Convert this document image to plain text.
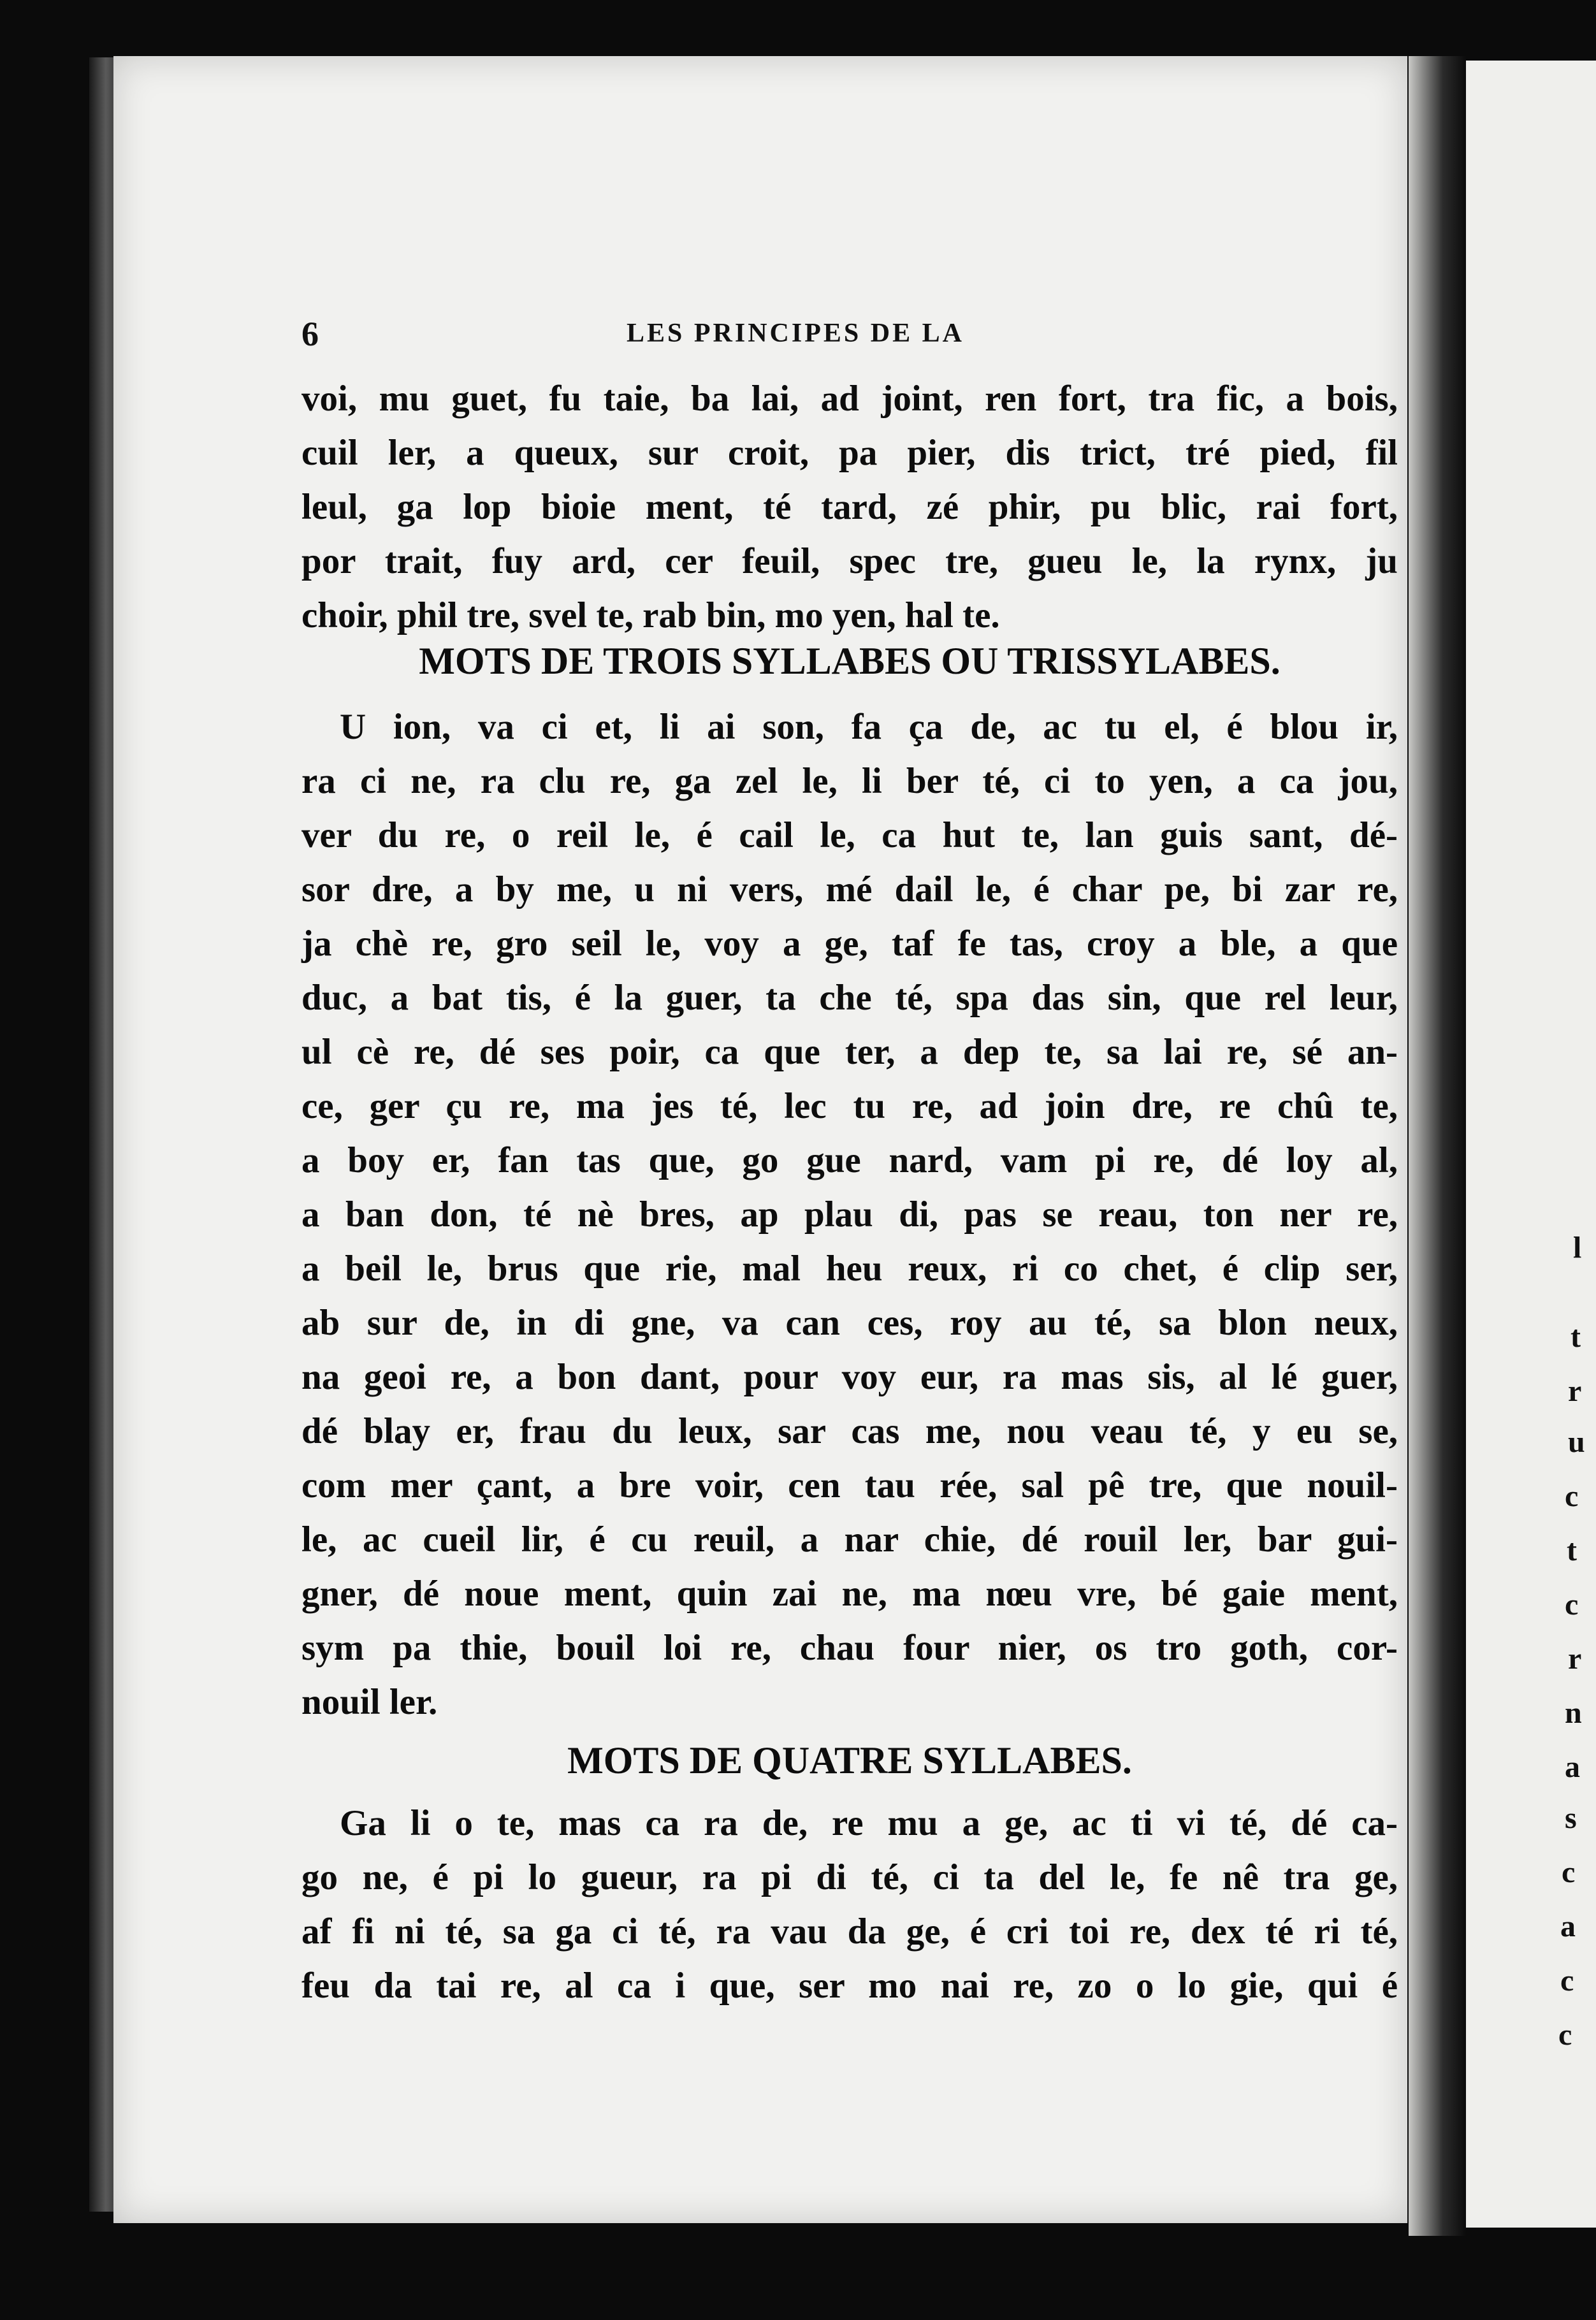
6	LES PRINCIPES DE LA
voi, mu guet, fu taie, ba lai, ad joint, ren fort, tra fic, a bois,
cuil ler, a queux, sur croit, pa pier, dis trict, tré pied, fil
leul, ga lop bioie ment, té tard, zé phir, pu blic, rai fort,
por trait, fuy ard, cer feuil, spec tre, gueu le, la rynx, ju
choir, phil tre, svel te, rab bin, mo yen, hal te.
MOTS DE TROIS SYLLABES OU TRISSYLABES.
U ion, va ci et, li ai son, fa ça de, ac tu el, é blou ir,
ra ci ne, ra clu re, ga zel le, li ber té, ci to yen, a ca jou,
ver du re, o reil le, é cail le, ca hut te, lan guis sant, dé-
sor dre, a by me, u ni vers, mé dail le, é char pe, bi zar re,
ja chè re, gro seil le, voy a ge, taf fe tas, croy a ble, a que
duc, a bat tis, é la guer, ta che té, spa das sin, que rel leur,
ul cè re, dé ses poir, ca que ter, a dep te, sa lai re, sé an-
ce, ger çu re, ma jes té, lec tu re, ad join dre, re chû te,
a boy er, fan tas que, go gue nard, vam pi re, dé loy al,
a ban don, té nè bres, ap plau di, pas se reau, ton ner re,
a beil le, brus que rie, mal heu reux, ri co chet, é clip ser,
ab sur de, in di gne, va can ces, roy au té, sa blon neux,
na geoi re, a bon dant, pour voy eur, ra mas sis, al lé guer,
dé blay er, frau du leux, sar cas me, nou veau té, y eu se,
com mer çant, a bre voir, cen tau rée, sal pê tre, que nouil-
le, ac cueil lir, é cu reuil, a nar chie, dé rouil ler, bar gui-
gner, dé noue ment, quin zai ne, ma nœu vre, bé gaie ment,
sym pa thie, bouil loi re, chau four nier, os tro goth, cor-
nouil ler.
MOTS DE QUATRE SYLLABES.
Ga li o te, mas ca ra de, re mu a ge, ac ti vi té, dé ca-
go ne, é pi lo gueur, ra pi di té, ci ta del le, fe nê tra ge,
af fi ni té, sa ga ci té, ra vau da ge, é cri toi re, dex té ri té,
feu da tai re, al ca i que, ser mo nai re, zo o lo gie, qui é
l
t
r
u
c
t
c
r
n
a
s
c
a
c
c
